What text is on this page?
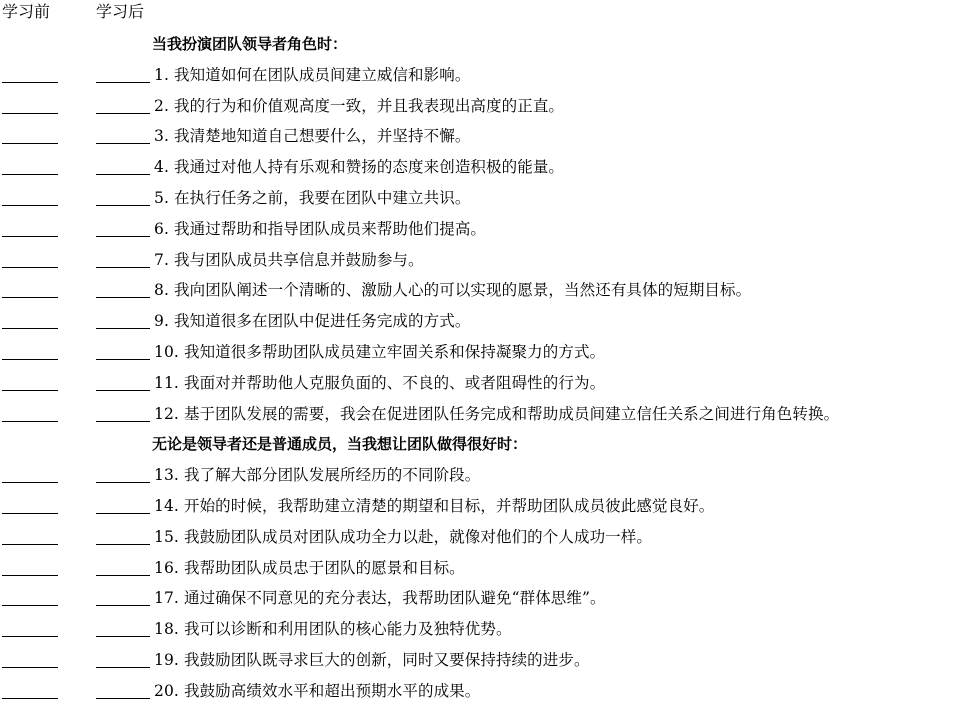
学习前	学习后
当我扮演团队领导者角色时：
1. 我知道如何在团队成员间建立威信和影响。
2. 我的行为和价值观高度一致，并且我表现出高度的正直。
3. 我清楚地知道自己想要什么，并坚持不懈。
4. 我通过对他人持有乐观和赞扬的态度来创造积极的能量。
5. 在执行任务之前，我要在团队中建立共识。
6. 我通过帮助和指导团队成员来帮助他们提高。
7. 我与团队成员共享信息并鼓励参与。
8. 我向团队阐述一个清晰的、激励人心的可以实现的愿景，当然还有具体的短期目标。
9. 我知道很多在团队中促进任务完成的方式。
10. 我知道很多帮助团队成员建立牢固关系和保持凝聚力的方式。
11. 我面对并帮助他人克服负面的、不良的、或者阻碍性的行为。
12. 基于团队发展的需要，我会在促进团队任务完成和帮助成员间建立信任关系之间进行角色转换。
无论是领导者还是普通成员，当我想让团队做得很好时：
13. 我了解大部分团队发展所经历的不同阶段。
14. 开始的时候，我帮助建立清楚的期望和目标，并帮助团队成员彼此感觉良好。
15. 我鼓励团队成员对团队成功全力以赴，就像对他们的个人成功一样。
16. 我帮助团队成员忠于团队的愿景和目标。
17. 通过确保不同意见的充分表达，我帮助团队避免“群体思维”。
18. 我可以诊断和利用团队的核心能力及独特优势。
19. 我鼓励团队既寻求巨大的创新，同时又要保持持续的进步。
20. 我鼓励高绩效水平和超出预期水平的成果。
